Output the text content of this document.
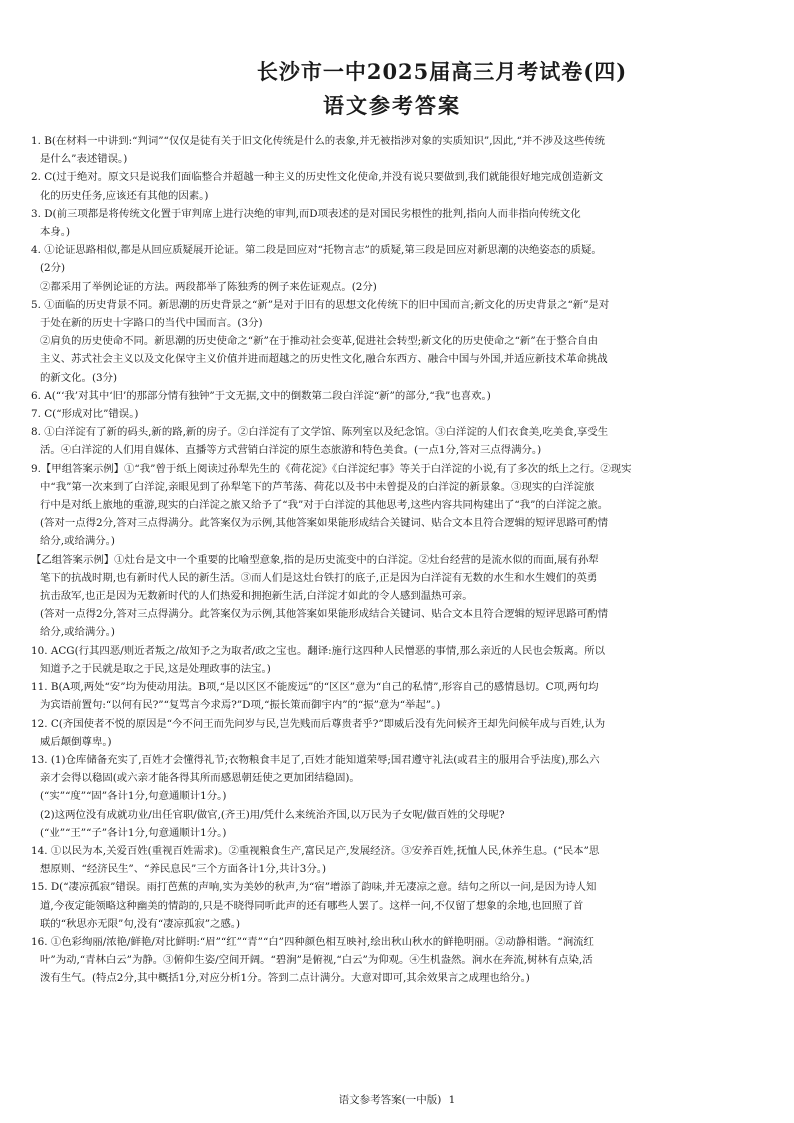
长沙市一中2025届高三月考试卷(四)
语文参考答案
1. B(在材料一中讲到:“判词”“仅仅是徒有关于旧文化传统是什么的表象,并无被指涉对象的实质知识”,因此,“并不涉及这些传统
是什么”表述错误。)
2. C(过于绝对。原文只是说我们面临整合并超越一种主义的历史性文化使命,并没有说只要做到,我们就能很好地完成创造新文
化的历史任务,应该还有其他的因素。)
3. D(前三项都是将传统文化置于审判席上进行决绝的审判,而D项表述的是对国民劣根性的批判,指向人而非指向传统文化
本身。)
4. ①论证思路相似,都是从回应质疑展开论证。第二段是回应对“托物言志”的质疑,第三段是回应对新思潮的决绝姿态的质疑。
(2分)
②都采用了举例论证的方法。两段都举了陈独秀的例子来佐证观点。(2分)
5. ①面临的历史背景不同。新思潮的历史背景之“新”是对于旧有的思想文化传统下的旧中国而言;新文化的历史背景之“新”是对
于处在新的历史十字路口的当代中国而言。(3分)
②肩负的历史使命不同。新思潮的历史使命之“新”在于推动社会变革,促进社会转型;新文化的历史使命之“新”在于整合自由
主义、苏式社会主义以及文化保守主义价值并进而超越之的历史性文化,融合东西方、融合中国与外国,并适应新技术革命挑战
的新文化。(3分)
6. A(“‘我’对其中‘旧’的那部分情有独钟”于文无据,文中的倒数第二段白洋淀“新”的部分,“我”也喜欢。)
7. C(“形成对比”错误。)
8. ①白洋淀有了新的码头,新的路,新的房子。②白洋淀有了文学馆、陈列室以及纪念馆。③白洋淀的人们衣食美,吃美食,享受生
活。④白洋淀的人们用自媒体、直播等方式营销白洋淀的原生态旅游和特色美食。(一点1分,答对三点得满分。)
9.【甲组答案示例】①“我”曾于纸上阅读过孙犁先生的《荷花淀》《白洋淀纪事》等关于白洋淀的小说,有了多次的纸上之行。②现实
中“我”第一次来到了白洋淀,亲眼见到了孙犁笔下的芦苇荡、荷花以及书中未曾提及的白洋淀的新景象。③现实的白洋淀旅
行中是对纸上旅地的重游,现实的白洋淀之旅又给予了“我”对于白洋淀的其他思考,这些内容共同构建出了“我”的白洋淀之旅。
(答对一点得2分,答对三点得满分。此答案仅为示例,其他答案如果能形成结合关键词、贴合文本且符合逻辑的短评思路可酌情
给分,或给满分。)
【乙组答案示例】①灶台是文中一个重要的比喻型意象,指的是历史流变中的白洋淀。②灶台经营的是流水似的而面,展有孙犁
笔下的抗战时期,也有新时代人民的新生活。③而人们是这灶台铁打的底子,正是因为白洋淀有无数的水生和水生嫂们的英勇
抗击敌军,也正是因为无数新时代的人们热爱和拥抱新生活,白洋淀才如此的令人感到温热可亲。
(答对一点得2分,答对三点得满分。此答案仅为示例,其他答案如果能形成结合关键词、贴合文本且符合逻辑的短评思路可酌情
给分,或给满分。)
10. ACG(行其四恶/则近者叛之/故知予之为取者/政之宝也。翻译:施行这四种人民憎恶的事情,那么亲近的人民也会叛离。所以
知道予之于民就是取之于民,这是处理政事的法宝。)
11. B(A项,两处“安”均为使动用法。B项,“是以区区不能废远”的“区区”意为“自己的私情”,形容自己的感情恳切。C项,两句均
为宾语前置句:“以何有民?”“复骂言今求焉?”D项,“振长策而御宇内”的“振”意为“举起”。)
12. C(齐国使者不悦的原因是“今不问王而先问岁与民,岂先贱而后尊贵者乎?”即威后没有先问候齐王却先问候年成与百姓,认为
威后颠倒尊卑。)
13. (1)仓库储备充实了,百姓才会懂得礼节;衣物粮食丰足了,百姓才能知道荣辱;国君遵守礼法(或君主的服用合乎法度),那么六
亲才会得以稳固(或六亲才能各得其所而感恩朝廷使之更加团结稳固)。
(“实”“度”“固”各计1分,句意通顺计1分。)
(2)这两位没有成就功业/出任官职/做官,(齐王)用/凭什么来统治齐国,以万民为子女呢/做百姓的父母呢?
(“业”“王”“子”各计1分,句意通顺计1分。)
14. ①以民为本,关爱百姓(重视百姓需求)。②重视粮食生产,富民足产,发展经济。③安养百姓,抚恤人民,休养生息。(“民本”思
想原则、“经济民生”、“养民息民”三个方面各计1分,共计3分。)
15. D(“凄凉孤寂”错误。雨打芭蕉的声响,实为美妙的秋声,为“宿”增添了韵味,并无凄凉之意。结句之所以一问,是因为诗人知
道,今夜定能领略这种幽美的情韵的,只是不晓得同听此声的还有哪些人罢了。这样一问,不仅留了想象的余地,也回照了首
联的“秋思亦无限”句,没有“凄凉孤寂”之感。)
16. ①色彩绚丽/浓艳/鲜艳/对比鲜明:“眉”“红”“青”“白”四种颜色相互映衬,绘出秋山秋水的鲜艳明丽。②动静相谐。“涧流红
叶”为动,“青林白云”为静。③俯仰生姿/空间开阔。“碧涧”是俯视,“白云”为仰观。④生机盎然。涧水在奔流,树林有点染,活
泼有生气。(特点2分,其中概括1分,对应分析1分。答到二点计满分。大意对即可,其余效果言之成理也给分。)
语文参考答案(一中版) 1
